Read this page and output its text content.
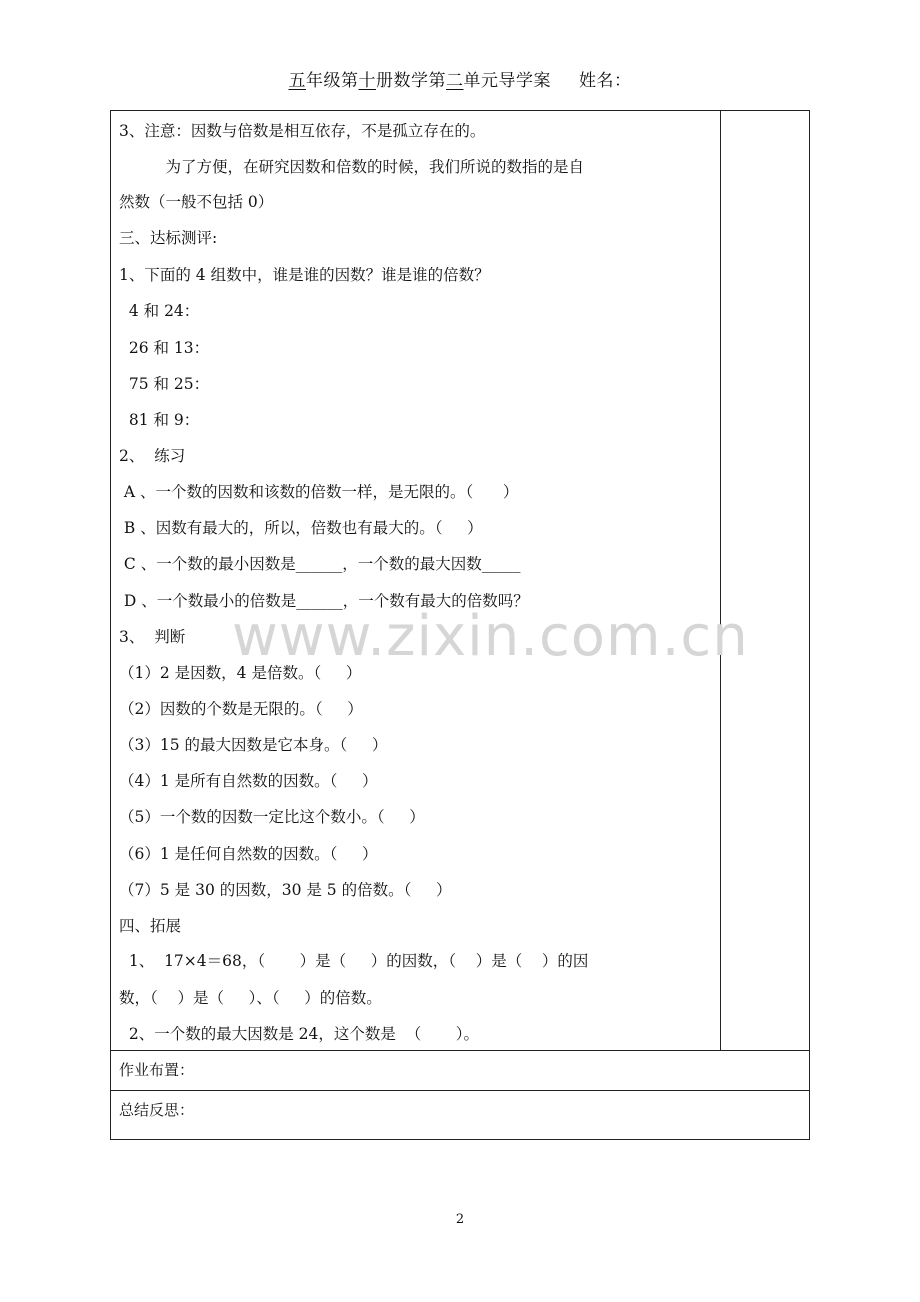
五年级第十册数学第二单元导学案 姓名：
3、注意：因数与倍数是相互依存，不是孤立存在的。
　　　为了方便，在研究因数和倍数的时候，我们所说的数指的是自
然数（一般不包括 0）
三、达标测评:
1、下面的 4 组数中，谁是谁的因数？谁是谁的倍数？
4 和 24：
26 和 13：
75 和 25：
81 和 9：
2、  练习
A 、一个数的因数和该数的倍数一样，是无限的。（      ）
B 、因数有最大的，所以，倍数也有最大的。（     ）
C 、一个数的最小因数是______，一个数的最大因数_____
D 、一个数最小的倍数是______，一个数有最大的倍数吗？
3、  判断
（1）2 是因数，4 是倍数。（     ）
（2）因数的个数是无限的。（     ）
（3）15 的最大因数是它本身。（     ）
（4）1 是所有自然数的因数。（     ）
（5）一个数的因数一定比这个数小。（     ）
（6）1 是任何自然数的因数。（     ）
（7）5 是 30 的因数，30 是 5 的倍数。（     ）
四、拓展
1、  17×4＝68，（       ）是（     ）的因数，（    ）是（    ）的因
数，（    ）是（     ）、（     ）的倍数。
2、一个数的最大因数是 24，这个数是  （       ）。
作业布置：
总结反思：
www.zixin.com.cn
2
